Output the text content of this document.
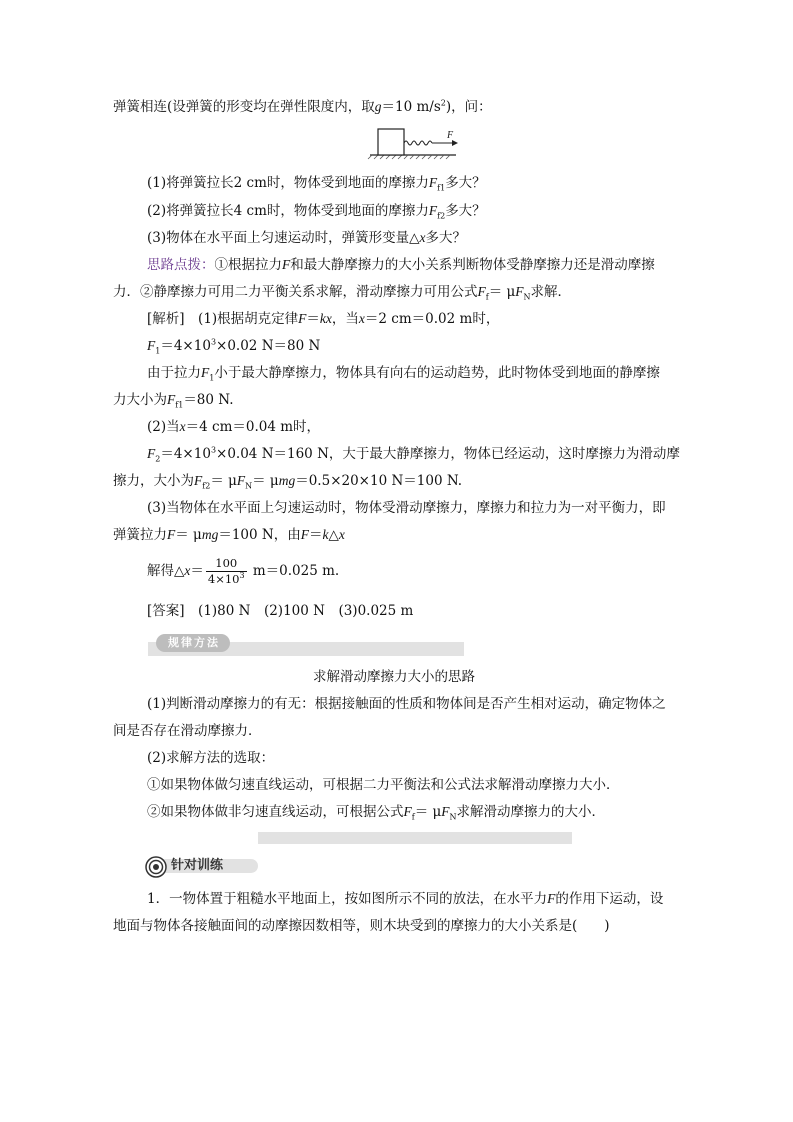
弹簧相连(设弹簧的形变均在弹性限度内，取g＝10 $m/s^2$)，问：
F
(1)将弹簧拉长2 cm时，物体受到地面的摩擦力$F_{f1}$多大？
(2)将弹簧拉长4 cm时，物体受到地面的摩擦力$F_{f2}$多大？
(3)物体在水平面上匀速运动时，弹簧形变量△x多大？
思路点拨：①根据拉力F和最大静摩擦力的大小关系判断物体受静摩擦力还是滑动摩擦
力．②静摩擦力可用二力平衡关系求解，滑动摩擦力可用公式$F_f= \mu F_N$求解．
[解析]　 (1)根据胡克定律F＝kx，当x＝2 cm＝0.02 m时，
$F_1=4\times 10^3\times 0.02$ N＝80 N
由于拉力$F_1$小于最大静摩擦力，物体具有向右的运动趋势，此时物体受到地面的静摩擦
力大小为$F_{f1}=80$ N.
(2)当x＝4 cm＝0.04 m时，
$F_2=4\times 10^3\times 0.04$ N＝160 N，大于最大静摩擦力，物体已经运动，这时摩擦力为滑动摩
擦力，大小为$F_{f2}= \mu F_N= \mu mg=0.5\times 20\times 10$ N＝100 N.
(3)当物体在水平面上匀速运动时，物体受滑动摩擦力，摩擦力和拉力为一对平衡力，即
弹簧拉力F＝ μmg＝100 N，由F＝k△x
解得△x＝ $\frac{100}{4\times 10^3} m=0.025$ m.
[答案]　 (1)80 N　(2)100 N　(3)0.025 m
规律方法
求解滑动摩擦力大小的思路
(1)判断滑动摩擦力的有无：根据接触面的性质和物体间是否产生相对运动，确定物体之
间是否存在滑动摩擦力．
(2)求解方法的选取：
①如果物体做匀速直线运动，可根据二力平衡法和公式法求解滑动摩擦力大小．
②如果物体做非匀速直线运动，可根据公式$F_f= \mu F_N$求解滑动摩擦力的大小．
针对训练
1．一物体置于粗糙水平地面上，按如图所示不同的放法，在水平力F的作用下运动，设
地面与物体各接触面间的动摩擦因数相等，则木块受到的摩擦力的大小关系是(　　)
